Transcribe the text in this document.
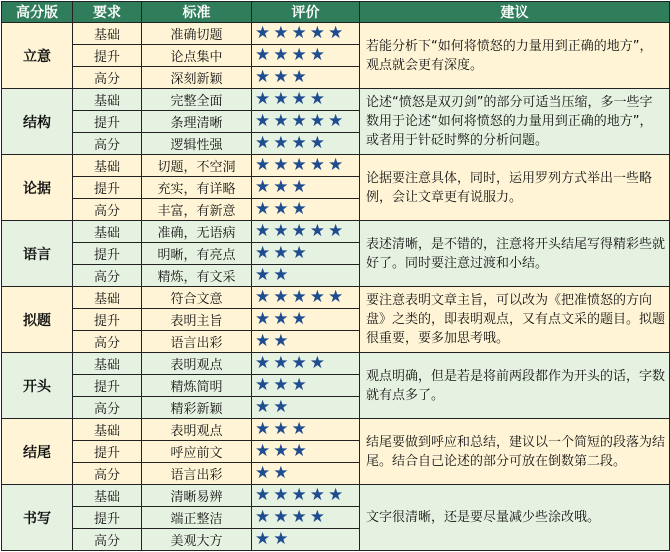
高分版	要求	标准	评价	建议
立意	基础	准确切题	★ ★ ★ ★ ★	若能分析下“如何将愤怒的力量用到正确的地方”，观点就会更有深度。
	提升	论点集中	★ ★ ★ ★	
	高分	深刻新颖	★ ★ ★	
结构	基础	完整全面	★ ★ ★ ★	论述“愤怒是双刃剑”的部分可适当压缩，多一些字数用于论述“如何将愤怒的力量用到正确的地方”，或者用于针砭时弊的分析问题。
	提升	条理清晰	★ ★ ★ ★ ★	
	高分	逻辑性强	★ ★ ★ ★	
论据	基础	切题，不空洞	★ ★ ★ ★ ★	论据要注意具体，同时，运用罗列方式举出一些略例，会让文章更有说服力。
	提升	充实，有详略	★ ★ ★	
	高分	丰富，有新意	★ ★ ★	
语言	基础	准确，无语病	★ ★ ★ ★ ★	表述清晰，是不错的，注意将开头结尾写得精彩些就好了。同时要注意过渡和小结。
	提升	明晰，有亮点	★ ★ ★	
	高分	精炼，有文采	★ ★	
拟题	基础	符合文意	★ ★ ★ ★ ★	要注意表明文章主旨，可以改为《把准愤怒的方向盘》之类的，即表明观点，又有点文采的题目。拟题很重要，要多加思考哦。
	提升	表明主旨	★ ★ ★	
	高分	语言出彩	★ ★	
开头	基础	表明观点	★ ★ ★ ★	观点明确，但是若是将前两段都作为开头的话，字数就有点多了。
	提升	精炼简明	★ ★ ★	
	高分	精彩新颖	★ ★	
结尾	基础	表明观点	★ ★ ★	结尾要做到呼应和总结，建议以一个简短的段落为结尾。结合自己论述的部分可放在倒数第二段。
	提升	呼应前文	★ ★ ★	
	高分	语言出彩	★ ★	
书写	基础	清晰易辨	★ ★ ★ ★ ★	文字很清晰，还是要尽量减少些涂改哦。
	提升	端正整洁	★ ★ ★ ★	
	高分	美观大方	★ ★	
